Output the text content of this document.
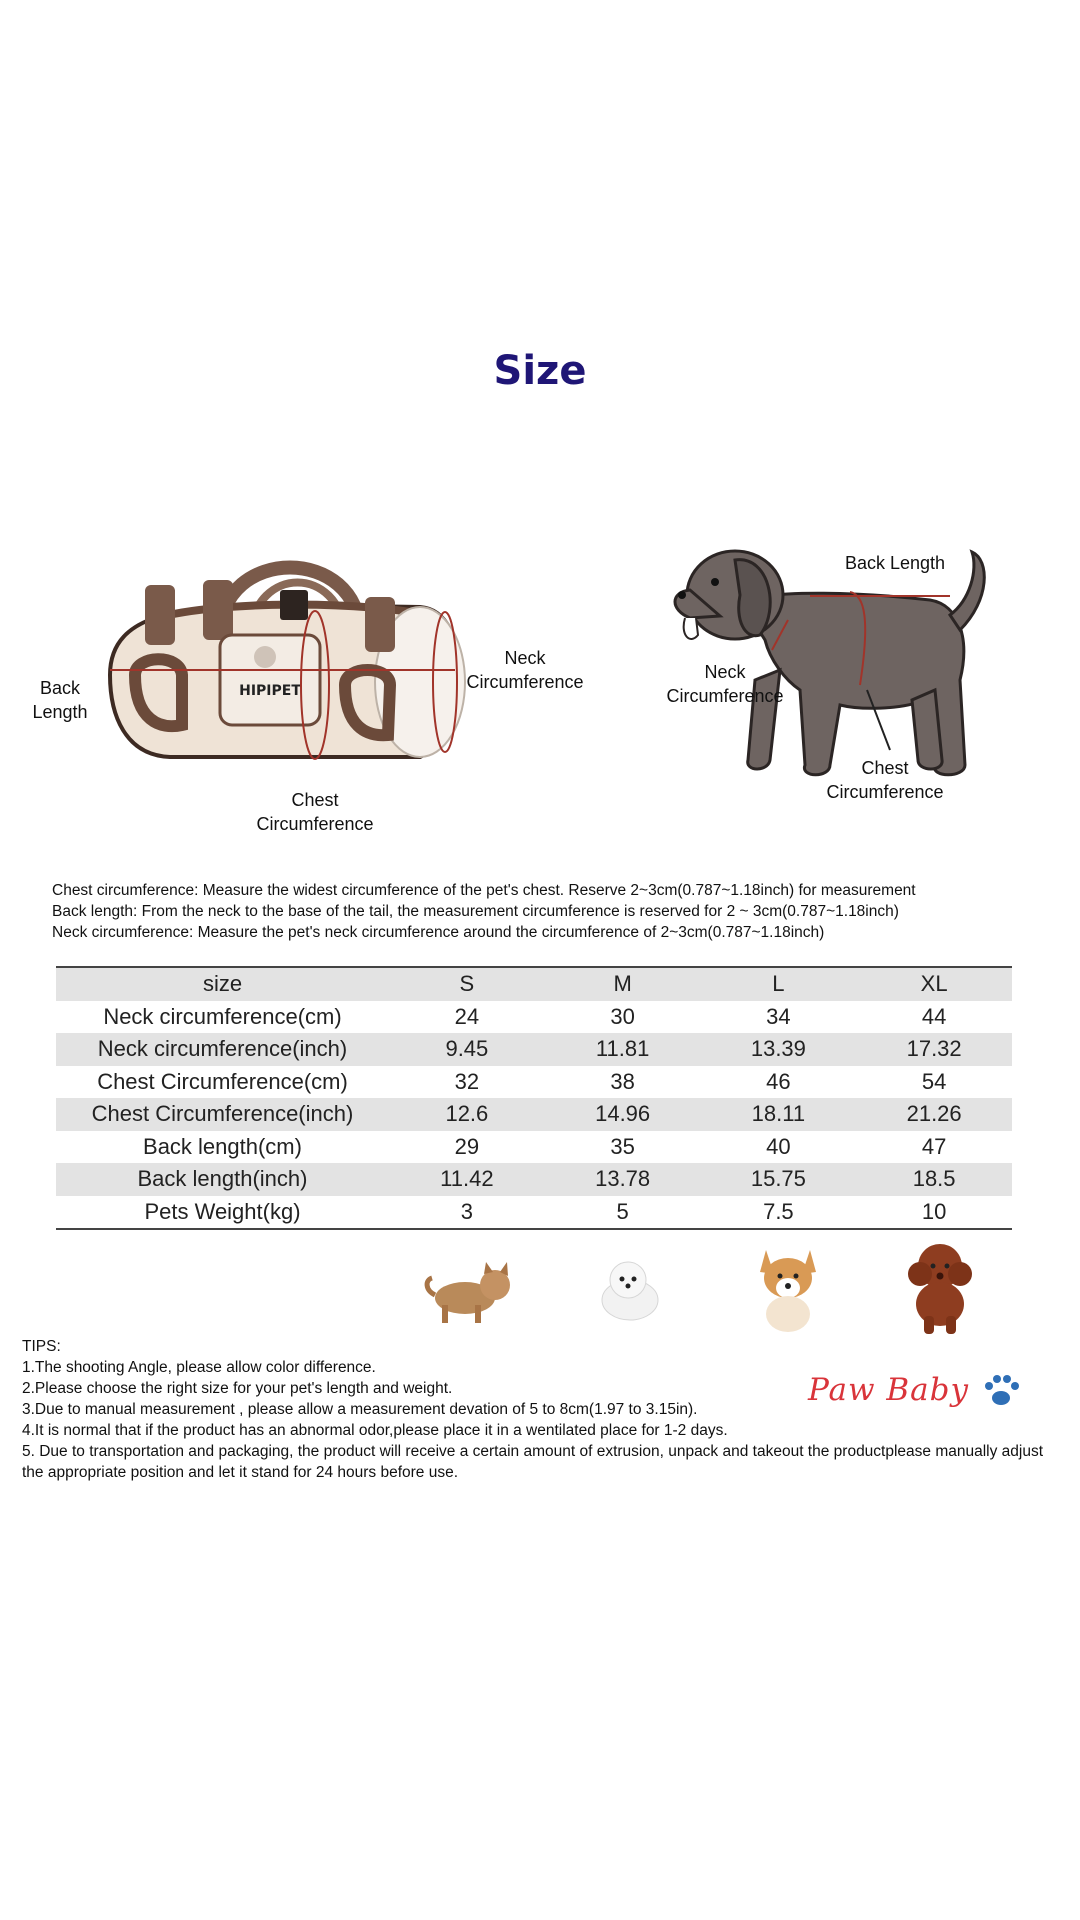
Size
HIPIPET
Back
Length
Neck
Circumference
Chest
Circumference
Back Length
Neck
Circumference
Chest
Circumference
Chest circumference: Measure the widest circumference of the pet's chest. Reserve 2~3cm(0.787~1.18inch) for measurement
Back length: From the neck to the base of the tail, the measurement circumference is reserved for 2 ~ 3cm(0.787~1.18inch)
Neck circumference: Measure the pet's neck circumference around the circumference of 2~3cm(0.787~1.18inch)
size	S	M	L	XL
Neck circumference(cm)	24	30	34	44
Neck circumference(inch)	9.45	11.81	13.39	17.32
Chest Circumference(cm)	32	38	46	54
Chest Circumference(inch)	12.6	14.96	18.11	21.26
Back length(cm)	29	35	40	47
Back length(inch)	11.42	13.78	15.75	18.5
Pets Weight(kg)	3	5	7.5	10
TIPS:
1.The shooting Angle, please allow color difference.
2.Please choose the right size for your pet's length and weight.
3.Due to manual measurement , please allow a measurement devation of 5 to 8cm(1.97 to 3.15in).
4.It is normal that if the product has an abnormal odor,please place it in a wentilated place for 1-2 days.
5. Due to transportation and packaging, the product will receive a certain amount of extrusion, unpack and takeout the productplease manually adjust the appropriate position and let it stand for 24 hours before use.
Paw Baby
